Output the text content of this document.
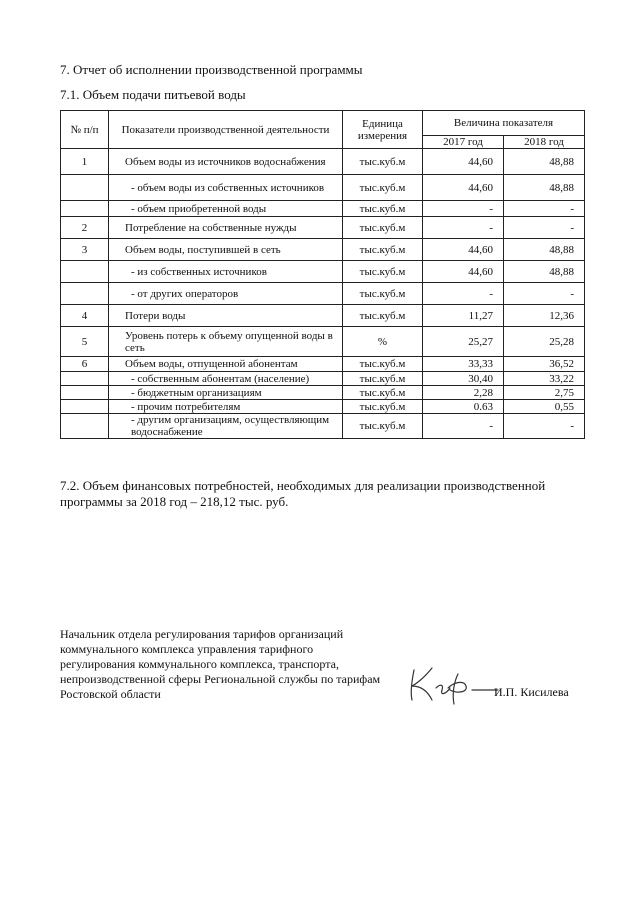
7. Отчет об исполнении производственной программы
7.1. Объем подачи питьевой воды
№ п/п	Показатели производственной деятельности	Единица измерения	Величина показателя	
			2017 год	2018 год
1	Объем воды из источников водоснабжения	тыс.куб.м	44,60	48,88
	- объем воды из собственных источников	тыс.куб.м	44,60	48,88
	- объем приобретенной воды	тыс.куб.м	-	-
2	Потребление на собственные нужды	тыс.куб.м	-	-
3	Объем воды, поступившей в сеть	тыс.куб.м	44,60	48,88
	- из собственных источников	тыс.куб.м	44,60	48,88
	- от других операторов	тыс.куб.м	-	-
4	Потери воды	тыс.куб.м	11,27	12,36
5	Уровень потерь к объему опущенной воды в сеть	%	25,27	25,28
6	Объем воды, отпущенной абонентам	тыс.куб.м	33,33	36,52
	- собственным абонентам (население)	тыс.куб.м	30,40	33,22
	- бюджетным организациям	тыс.куб.м	2,28	2,75
	- прочим потребителям	тыс.куб.м	0.63	0,55
	- другим организациям, осуществляющим водоснабжение	тыс.куб.м	-	-
7.2. Объем финансовых потребностей, необходимых для реализации производственной программы за 2018 год – 218,12 тыс. руб.
Начальник отдела регулирования тарифов организаций коммунального комплекса управления тарифного регулирования коммунального комплекса, транспорта, непроизводственной сферы Региональной службы по тарифам Ростовской области	И.П. Кисилева
